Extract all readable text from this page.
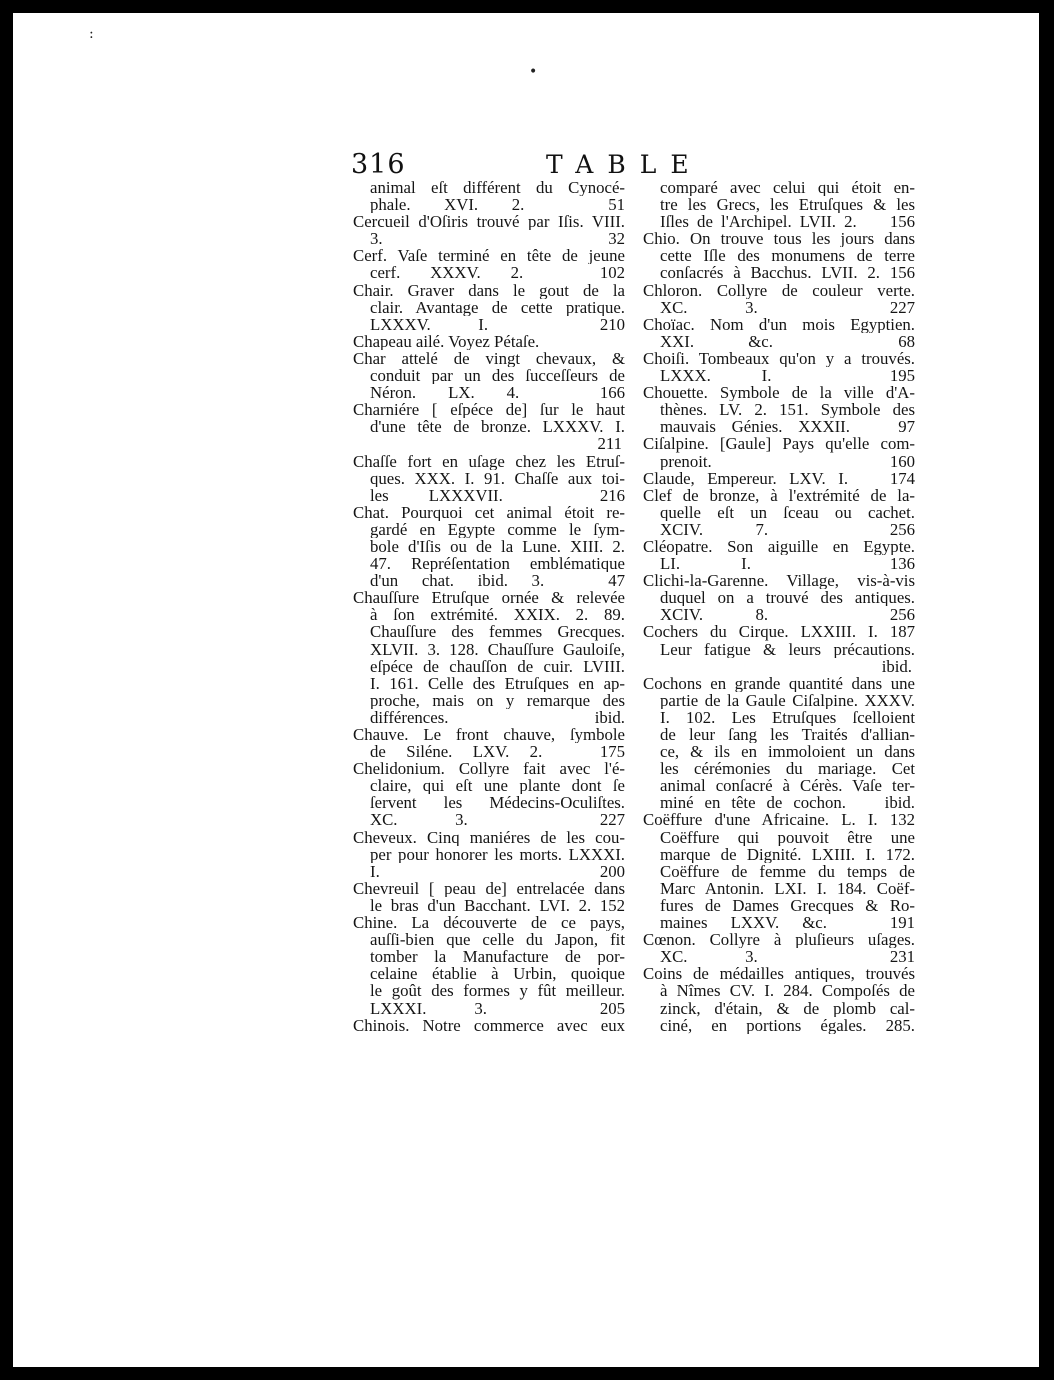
:
•
316	TABLE
animal eſt différent du Cynocé-
phale. XVI. 2.   51
Cercueil d'Oſiris trouvé par Iſis. VIII.
3.   32
Cerf. Vaſe terminé en tête de jeune
cerf. XXXV. 2.   102
Chair. Graver dans le gout de la
clair. Avantage de cette pratique.
LXXXV. I.   210
Chapeau ailé. Voyez Pétaſe.
Char attelé de vingt chevaux, &
conduit par un des ſucceſſeurs de
Néron. LX. 4.   166
Charniére [ eſpéce de] ſur le haut
d'une tête de bronze. LXXXV. I.
211
Chaſſe fort en uſage chez les Etruſ-
ques. XXX. I. 91. Chaſſe aux toi-
les LXXXVII.   216
Chat. Pourquoi cet animal étoit re-
gardé en Egypte comme le ſym-
bole d'Iſis ou de la Lune. XIII. 2.
47. Repréſentation emblématique
d'un chat. ibid. 3.   47
Chauſſure Etruſque ornée & relevée
à ſon extrémité. XXIX. 2. 89.
Chauſſure des femmes Grecques.
XLVII. 3. 128. Chauſſure Gauloiſe,
eſpéce de chauſſon de cuir. LVIII.
I. 161. Celle des Etruſques en ap-
proche, mais on y remarque des
différences.   ibid.
Chauve. Le front chauve, ſymbole
de Siléne. LXV. 2.   175
Chelidonium. Collyre fait avec l'é-
claire, qui eſt une plante dont ſe
ſervent les Médecins-Oculiſtes.
XC. 3.   227
Cheveux. Cinq maniéres de les cou-
per pour honorer les morts. LXXXI.
I.   200
Chevreuil [ peau de] entrelacée dans
le bras d'un Bacchant. LVI. 2. 152
Chine. La découverte de ce pays,
auſſi-bien que celle du Japon, fit
tomber la Manufacture de por-
celaine établie à Urbin, quoique
le goût des formes y fût meilleur.
LXXXI. 3.   205
Chinois. Notre commerce avec eux
comparé avec celui qui étoit en-
tre les Grecs, les Etruſques & les
Iſles de l'Archipel. LVII. 2.   156
Chio. On trouve tous les jours dans
cette Iſle des monumens de terre
conſacrés à Bacchus. LVII. 2. 156
Chloron. Collyre de couleur verte.
XC. 3.   227
Choïac. Nom d'un mois Egyptien.
XXI. &c.   68
Choiſi. Tombeaux qu'on y a trouvés.
LXXX. I.   195
Chouette. Symbole de la ville d'A-
thènes. LV. 2. 151. Symbole des
mauvais Génies. XXXII.   97
Ciſalpine. [Gaule] Pays qu'elle com-
prenoit.   160
Claude, Empereur. LXV. I.   174
Clef de bronze, à l'extrémité de la-
quelle eſt un ſceau ou cachet.
XCIV. 7.   256
Cléopatre. Son aiguille en Egypte.
LI. I.   136
Clichi-la-Garenne. Village, vis-à-vis
duquel on a trouvé des antiques.
XCIV. 8.   256
Cochers du Cirque. LXXIII. I. 187
Leur fatigue & leurs précautions.
ibid.
Cochons en grande quantité dans une
partie de la Gaule Ciſalpine. XXXV.
I. 102. Les Etruſques ſcelloient
de leur ſang les Traités d'allian-
ce, & ils en immoloient un dans
les cérémonies du mariage. Cet
animal conſacré à Cérès. Vaſe ter-
miné en tête de cochon.   ibid.
Coëffure d'une Africaine. L. I. 132
Coëffure qui pouvoit être une
marque de Dignité. LXIII. I. 172.
Coëffure de femme du temps de
Marc Antonin. LXI. I. 184. Coëf-
fures de Dames Grecques & Ro-
maines LXXV. &c.   191
Cœnon. Collyre à pluſieurs uſages.
XC. 3.   231
Coins de médailles antiques, trouvés
à Nîmes CV. I. 284. Compoſés de
zinck, d'étain, & de plomb cal-
ciné, en portions égales. 285.
